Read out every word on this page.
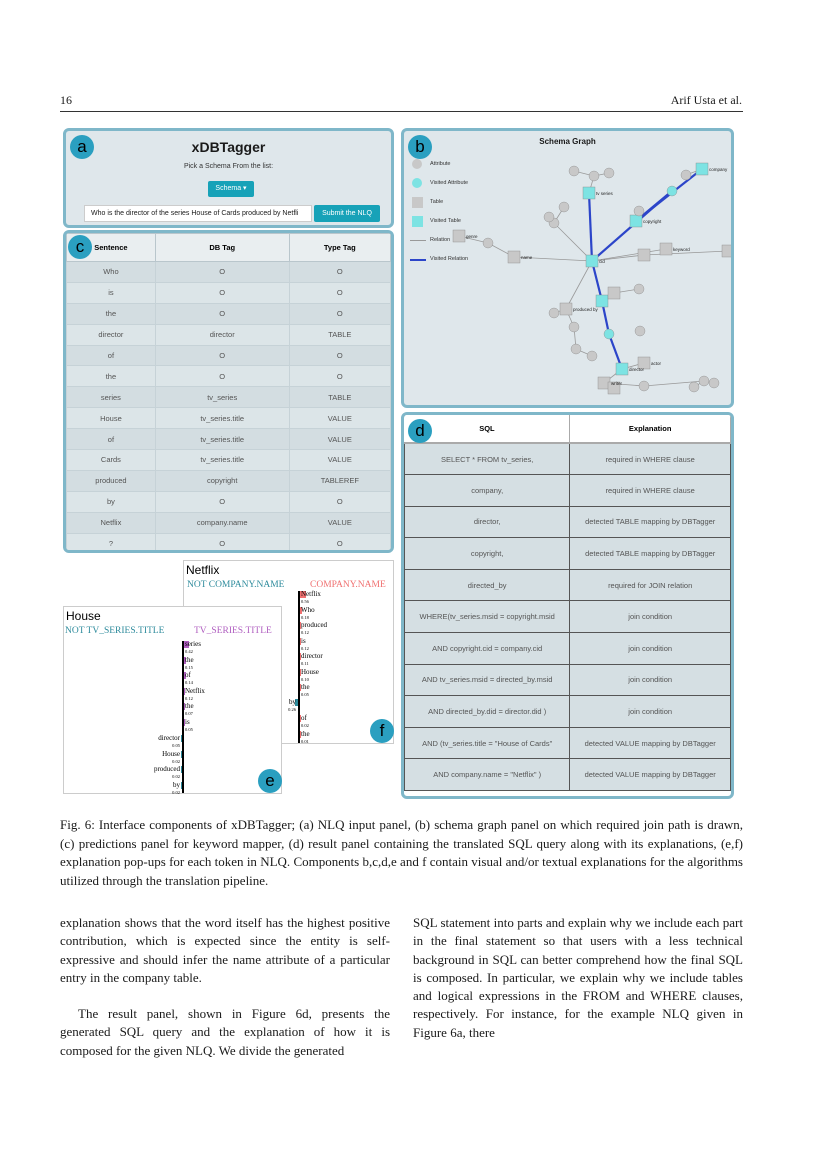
16	Arif Usta et al.
a	xDBTagger
Pick a Schema From the list:
Schema ▾
Who is the director of the series House of Cards produced by Netfli	Submit the NLQ
c	Sentence	DB Tag	Type Tag
Who	O	O
is	O	O
the	O	O
director	director	TABLE
of	O	O
the	O	O
series	tv_series	TABLE
House	tv_series.title	VALUE
of	tv_series.title	VALUE
Cards	tv_series.title	VALUE
produced	copyright	TABLEREF
by	O	O
Netflix	company.name	VALUE
?	O	O
b	Schema Graph
Attribute
Visited Attribute
Table
Visited Table
Relation
Visited Relation
company
tv series
copyright
name
genre
cid
keyword
director
produced by
actor
writer
d	SQL	Explanation
SELECT * FROM tv_series,	required in WHERE clause
company,	required in WHERE clause
director,	detected TABLE mapping by DBTagger
copyright,	detected TABLE mapping by DBTagger
directed_by	required for JOIN relation
WHERE(tv_series.msid = copyright.msid	join condition
AND copyright.cid = company.cid	join condition
AND tv_series.msid = directed_by.msid	join condition
AND directed_by.did = director.did )	join condition
AND (tv_series.title = "House of Cards"	detected VALUE mapping by DBTagger
AND company.name = "Netflix" )	detected VALUE mapping by DBTagger
Netflix
NOT COMPANY.NAME	COMPANY.NAME
Netflix
0.56
Who
0.18
produced
0.12
is
0.12
director
0.11
House
0.10
the
0.05
by
0.26
of
0.02
the
0.01
f
House
NOT TV_SERIES.TITLE	TV_SERIES.TITLE
series
0.42
the
0.15
of
0.14
Netflix
0.12
the
0.07
is
0.05
director
0.05
House
0.02
produced
0.02
by
0.02
e
Fig. 6: Interface components of xDBTagger; (a) NLQ input panel, (b) schema graph panel on which required join path is drawn, (c) predictions panel for keyword mapper, (d) result panel containing the translated SQL query along with its explanations, (e,f) explanation pop-ups for each token in NLQ. Components b,c,d,e and f contain visual and/or textual explanations for the algorithms utilized through the translation pipeline.

explanation shows that the word itself has the highest positive contribution, which is expected since the entity is self-expressive and should infer the name attribute of a particular entry in the company table.

The result panel, shown in Figure 6d, presents the generated SQL query and the explanation of how it is composed for the given NLQ. We divide the generated

SQL statement into parts and explain why we include each part in the final statement so that users with a less technical background in SQL can better comprehend how the final SQL is composed. In particular, we explain why we include tables and logical expressions in the FROM and WHERE clauses, respectively. For instance, for the example NLQ given in Figure 6a, there
